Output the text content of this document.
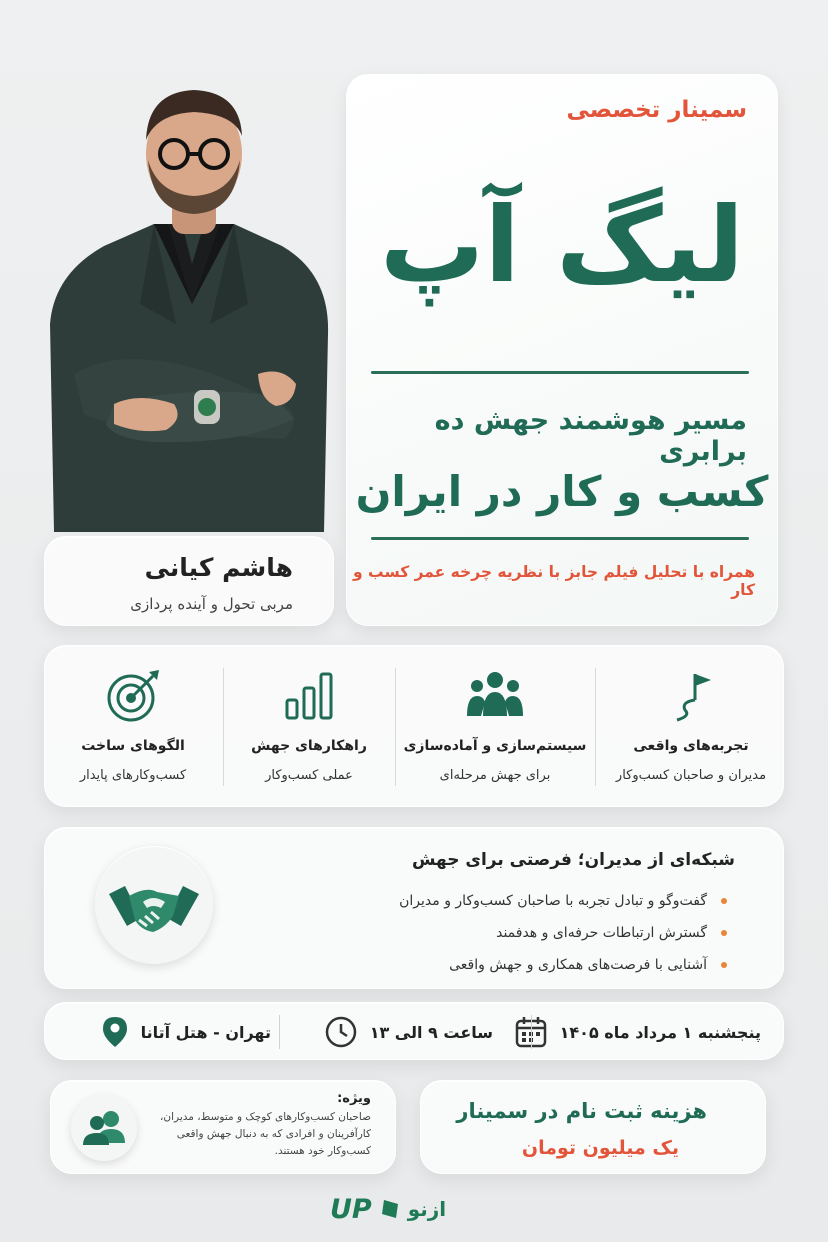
سمینار تخصصی
لیگ آپ
مسیر هوشمند جهش ده برابری
کسب و کار در ایران
همراه با تحلیل فیلم جابز با نظریه چرخه عمر کسب و کار
هاشم کیانی
مربی تحول و آینده پردازی
تجربه‌های واقعی
مدیران و صاحبان کسب‌وکار
سیستم‌سازی و آماده‌سازی
برای جهش مرحله‌ای
راهکارهای جهش
عملی کسب‌وکار
الگوهای ساخت
کسب‌وکارهای پایدار
شبکه‌ای از مدیران؛ فرصتی برای جهش
گفت‌وگو و تبادل تجربه با صاحبان کسب‌وکار و مدیران
گسترش ارتباطات حرفه‌ای و هدفمند
آشنایی با فرصت‌های همکاری و جهش واقعی
پنجشنبه ۱ مرداد ماه ۱۴۰۵
ساعت ۹ الی ۱۳
تهران - هتل آتانا
هزینه ثبت نام در سمینار
یک میلیون تومان
ویژه:
صاحبان کسب‌وکارهای کوچک و متوسط، مدیران، کارآفرینان و افرادی که به دنبال جهش واقعی کسب‌وکار خود هستند.
UP ازنو
